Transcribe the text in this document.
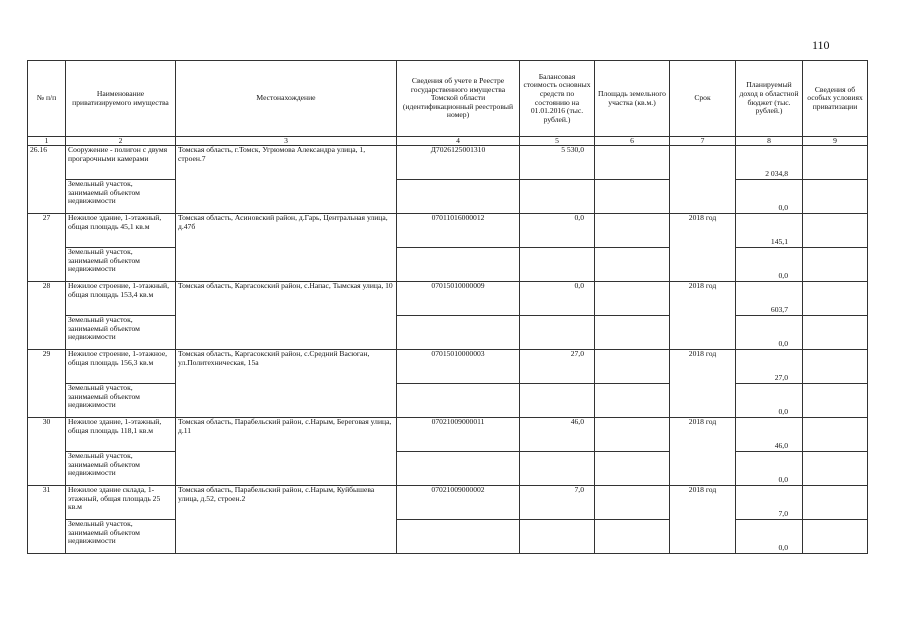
110
№ п/п	Наименование приватизируемого имущества	Местонахождение	Сведения об учете в Реестре государственного имущества Томской области (идентификационный реестровый номер)	Балансовая стоимость основных средств по состоянию на 01.01.2016 (тыс. рублей.)	Площадь земельного участка (кв.м.)	Срок	Планируемый доход в областной бюджет (тыс. рублей.)	Сведения об особых условиях приватизации
1	2	3	4	5	6	7	8	9
26.16	Сооружение - полигон с двумя прогарочными камерами	Томская область, г.Томск, Угрюмова Александра улица, 1, строен.7	Д7026125001310	5 530,0			2 034,8	
	Земельный участок, занимаемый объектом недвижимости						0,0	
27	Нежилое здание, 1-этажный, общая площадь 45,1 кв.м	Томская область, Асиновский район, д.Гарь, Центральная улица, д.47б	07011016000012	0,0		2018 год	145,1	
	Земельный участок, занимаемый объектом недвижимости						0,0	
28	Нежилое строение, 1-этажный, общая площадь 153,4 кв.м	Томская область, Каргасокский район, с.Напас, Тымская улица, 10	07015010000009	0,0		2018 год	603,7	
	Земельный участок, занимаемый объектом недвижимости						0,0	
29	Нежилое строение, 1-этажное, общая площадь 156,3 кв.м	Томская область, Каргасокский район, с.Средний Васюган, ул.Политехническая, 15а	07015010000003	27,0		2018 год	27,0	
	Земельный участок, занимаемый объектом недвижимости						0,0	
30	Нежилое здание, 1-этажный, общая площадь 118,1 кв.м	Томская область, Парабельский район, с.Нарым, Береговая улица, д.11	07021009000011	46,0		2018 год	46,0	
	Земельный участок, занимаемый объектом недвижимости						0,0	
31	Нежилое здание склада, 1-этажный, общая площадь 25 кв.м	Томская область, Парабельский район, с.Нарым, Куйбышева улица, д.52, строен.2	07021009000002	7,0		2018 год	7,0	
	Земельный участок, занимаемый объектом недвижимости						0,0	
